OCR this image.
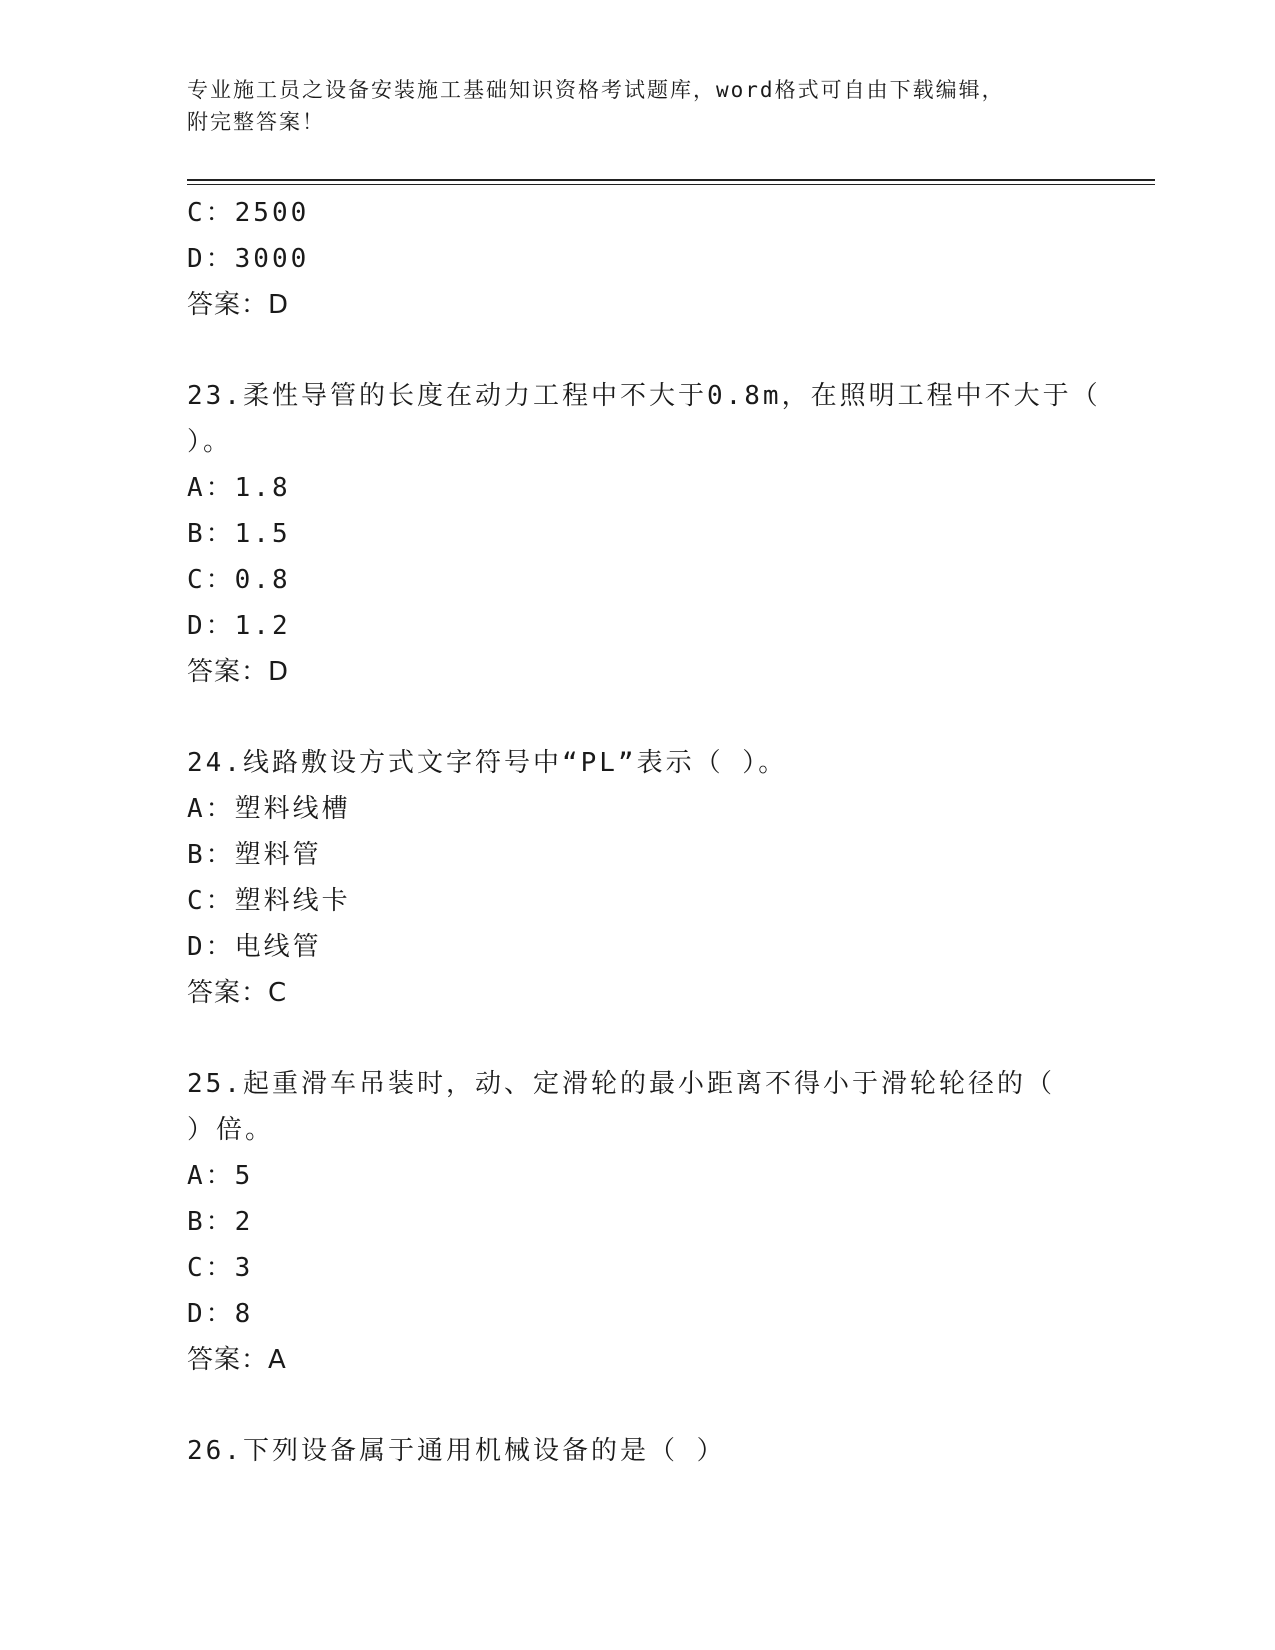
专业施工员之设备安装施工基础知识资格考试题库，word格式可自由下载编辑，
附完整答案！
C：2500
D：3000
答案：D
23.柔性导管的长度在动力工程中不大于0.8m，在照明工程中不大于（
）。
A：1.8
B：1.5
C：0.8
D：1.2
答案：D
24.线路敷设方式文字符号中“PL”表示（ ）。
A：塑料线槽
B：塑料管
C：塑料线卡
D：电线管
答案：C
25.起重滑车吊装时，动、定滑轮的最小距离不得小于滑轮轮径的（
）倍。
A：5
B：2
C：3
D：8
答案：A
26.下列设备属于通用机械设备的是（ ）
